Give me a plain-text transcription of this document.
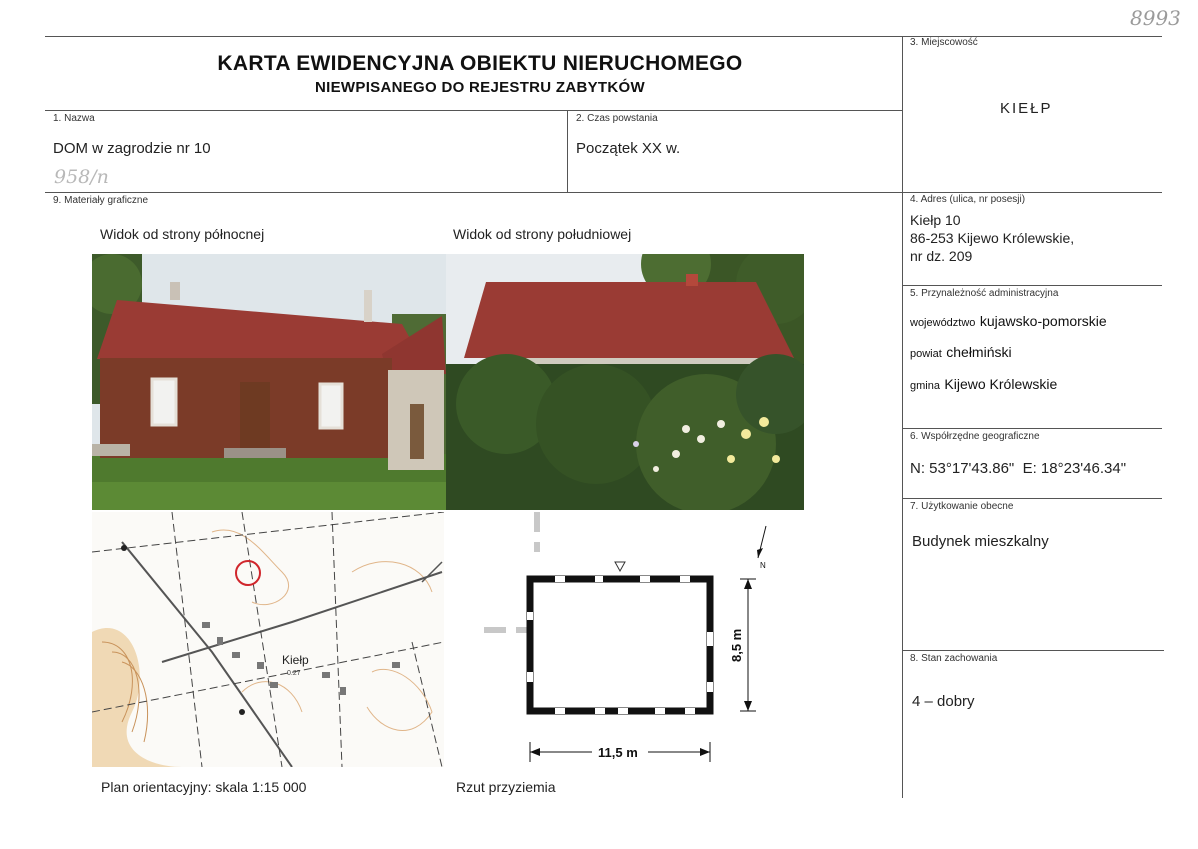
8993
958/n
KARTA EWIDENCYJNA OBIEKTU NIERUCHOMEGO
NIEWPISANEGO DO REJESTRU ZABYTKÓW
1. Nazwa
DOM w zagrodzie nr 10
2. Czas powstania
Początek XX w.
3. Miejscowość
KIEŁP
4. Adres (ulica, nr posesji)
Kiełp 10
86-253 Kijewo Królewskie,
nr dz. 209
5. Przynależność administracyjna
województwo kujawsko-pomorskie
powiat chełmiński
gmina Kijewo Królewskie
6. Współrzędne geograficzne
N: 53°17'43.86"  E: 18°23'46.34"
7. Użytkowanie obecne
Budynek mieszkalny
8. Stan zachowania
4 – dobry
9. Materiały graficzne
Widok od strony północnej	Widok od strony południowej
Kiełp
0.27
8,5 m
11,5 m
N
Plan orientacyjny: skala 1:15 000	Rzut przyziemia
